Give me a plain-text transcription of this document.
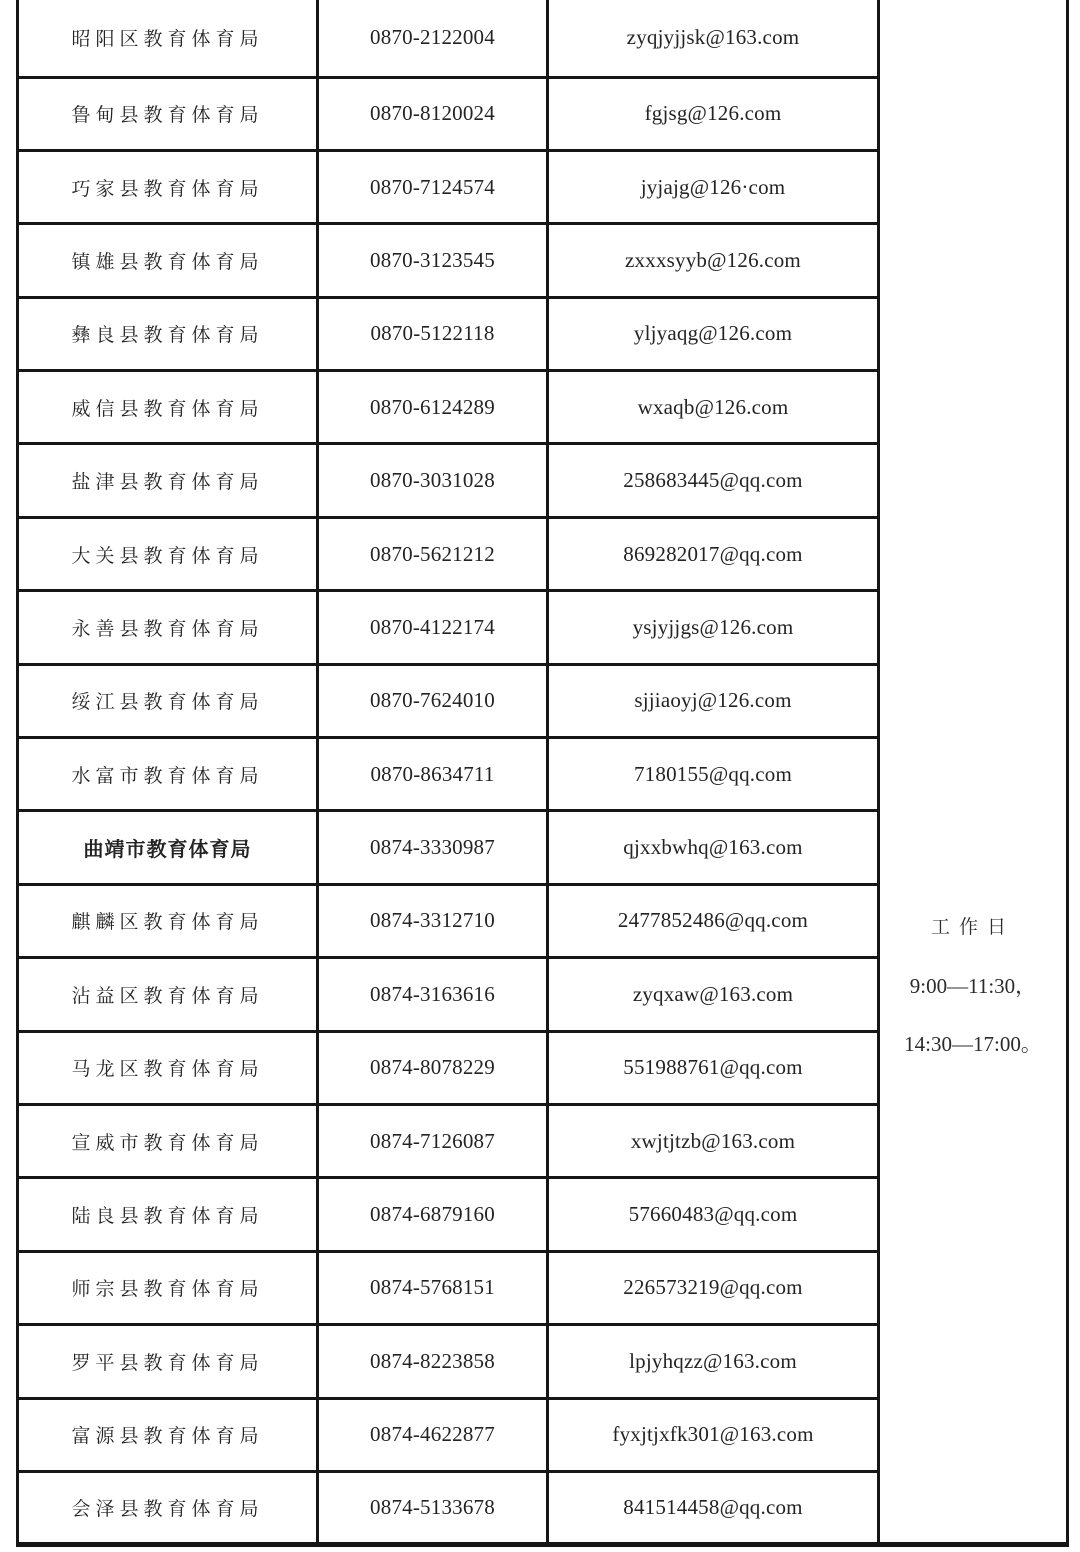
昭阳区教育体育局	0870-2122004	zyqjyjjsk@163.com	工作日
9:00—11:30，
14:30—17:00。

鲁甸县教育体育局	0870-8120024	fgjsg@126.com	
巧家县教育体育局	0870-7124574	jyjajg@126·com	
镇雄县教育体育局	0870-3123545	zxxxsyyb@126.com	
彝良县教育体育局	0870-5122118	yljyaqg@126.com	
威信县教育体育局	0870-6124289	wxaqb@126.com	
盐津县教育体育局	0870-3031028	258683445@qq.com	
大关县教育体育局	0870-5621212	869282017@qq.com	
永善县教育体育局	0870-4122174	ysjyjjgs@126.com	
绥江县教育体育局	0870-7624010	sjjiaoyj@126.com	
水富市教育体育局	0870-8634711	7180155@qq.com	
曲靖市教育体育局	0874-3330987	qjxxbwhq@163.com	
麒麟区教育体育局	0874-3312710	2477852486@qq.com	
沾益区教育体育局	0874-3163616	zyqxaw@163.com	
马龙区教育体育局	0874-8078229	551988761@qq.com	
宣威市教育体育局	0874-7126087	xwjtjtzb@163.com	
陆良县教育体育局	0874-6879160	57660483@qq.com	
师宗县教育体育局	0874-5768151	226573219@qq.com	
罗平县教育体育局	0874-8223858	lpjyhqzz@163.com	
富源县教育体育局	0874-4622877	fyxjtjxfk301@163.com	
会泽县教育体育局	0874-5133678	841514458@qq.com	
